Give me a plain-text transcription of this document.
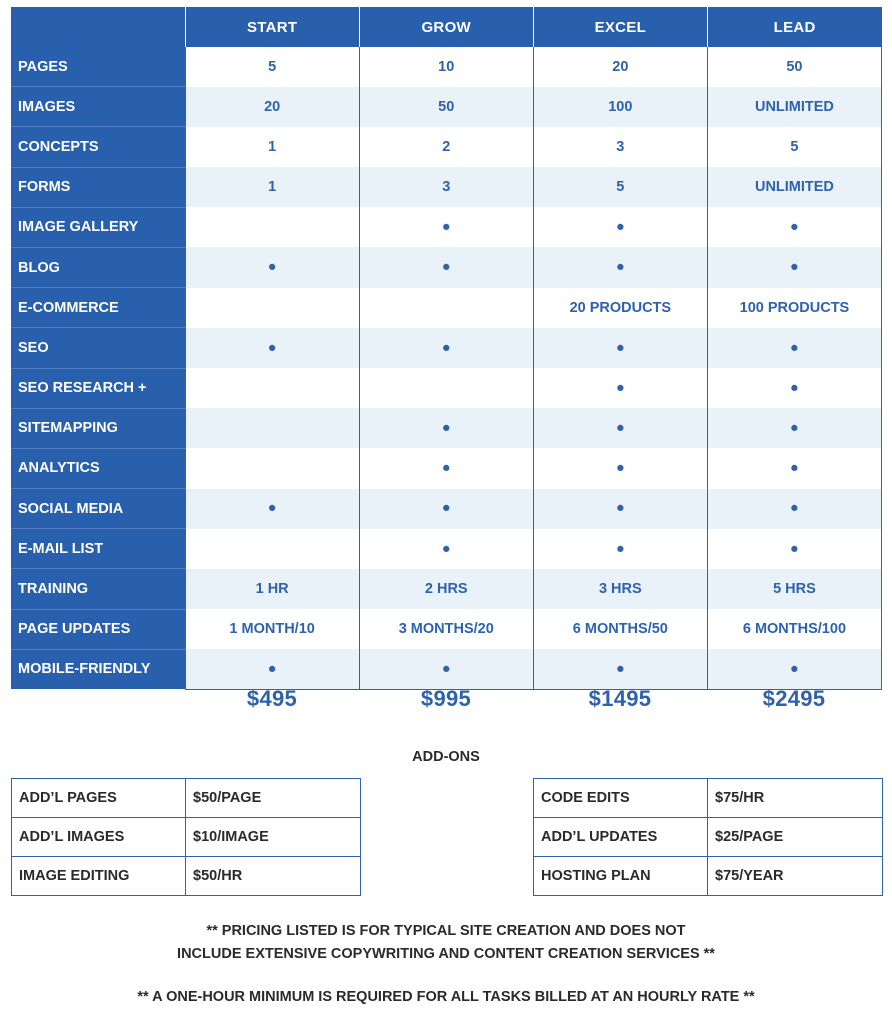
	START	GROW	EXCEL	LEAD
PAGES	5	10	20	50
IMAGES	20	50	100	UNLIMITED
CONCEPTS	1	2	3	5
FORMS	1	3	5	UNLIMITED
IMAGE GALLERY		●	●	●
BLOG	●	●	●	●
E-COMMERCE			20 PRODUCTS	100 PRODUCTS
SEO	●	●	●	●
SEO RESEARCH +			●	●
SITEMAPPING		●	●	●
ANALYTICS		●	●	●
SOCIAL MEDIA	●	●	●	●
E-MAIL LIST		●	●	●
TRAINING	1 HR	2 HRS	3 HRS	5 HRS
PAGE UPDATES	1 MONTH/10	3 MONTHS/20	6 MONTHS/50	6 MONTHS/100
MOBILE-FRIENDLY	●	●	●	●
$495	$995	$1495	$2495
ADD-ONS
ADD’L PAGES	$50/PAGE
ADD’L IMAGES	$10/IMAGE
IMAGE EDITING	$50/HR
CODE EDITS	$75/HR
ADD’L UPDATES	$25/PAGE
HOSTING PLAN	$75/YEAR
** PRICING LISTED IS FOR TYPICAL SITE CREATION AND DOES NOT
INCLUDE EXTENSIVE COPYWRITING AND CONTENT CREATION SERVICES **
** A ONE-HOUR MINIMUM IS REQUIRED FOR ALL TASKS BILLED AT AN HOURLY RATE **
